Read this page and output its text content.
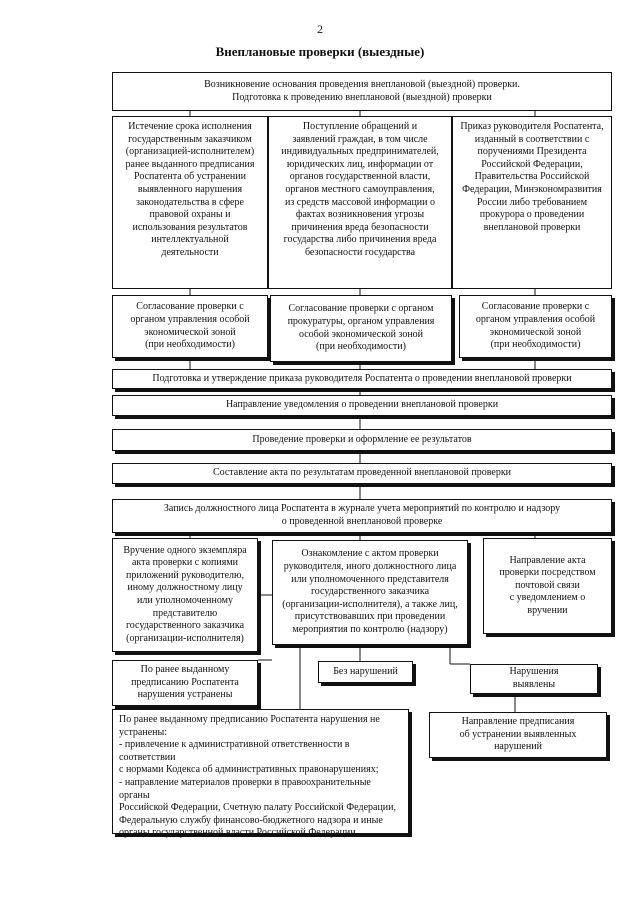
2
Внеплановые проверки (выездные)
Возникновение основания проведения внеплановой (выездной) проверки.
Подготовка к проведению внеплановой (выездной) проверки
Истечение срока исполнения
государственным заказчиком
(организацией-исполнителем)
ранее выданного предписания
Роспатента об устранении
выявленного нарушения
законодательства в сфере
правовой охраны и
использования результатов
интеллектуальной
деятельности
Поступление обращений и
заявлений граждан, в том числе
индивидуальных предпринимателей,
юридических лиц, информации от
органов государственной власти,
органов местного самоуправления,
из средств массовой информации о
фактах возникновения угрозы
причинения вреда безопасности
государства либо причинения вреда
безопасности государства
Приказ руководителя Роспатента,
изданный в соответствии с
поручениями Президента
Российской Федерации,
Правительства Российской
Федерации, Минэкономразвития
России либо требованием
прокурора о проведении
внеплановой проверки
Согласование проверки с
органом управления особой
экономической зоной
(при необходимости)
Согласование проверки с органом
прокуратуры, органом управления
особой экономической зоной
(при необходимости)
Согласование проверки с
органом управления особой
экономической зоной
(при необходимости)
Подготовка и утверждение приказа руководителя Роспатента о проведении внеплановой проверки
Направление уведомления о проведении внеплановой проверки
Проведение проверки и оформление ее результатов
Составление акта по результатам проведенной внеплановой проверки
Запись должностного лица Роспатента в журнале учета мероприятий по контролю и надзору
о проведенной внеплановой проверке
Вручение одного экземпляра
акта проверки с копиями
приложений руководителю,
иному должностному лицу
или уполномоченному
представителю
государственного заказчика
(организации-исполнителя)
Ознакомление с актом проверки
руководителя, иного должностного лица
или уполномоченного представителя
государственного заказчика
(организации-исполнителя), а также лиц,
присутствовавших при проведении
мероприятия по контролю (надзору)
Направление акта
проверки посредством
почтовой связи
с уведомлением о
вручении
По ранее выданному
предписанию Роспатента
нарушения устранены
Без нарушений	Нарушения
выявлены
По ранее выданному предписанию Роспатента нарушения не
устранены:
- привлечение к административной ответственности в соответствии
с нормами Кодекса об административных правонарушениях;
- направление материалов проверки в правоохранительные органы
Российской Федерации, Счетную палату Российской Федерации,
Федеральную службу финансово-бюджетного надзора и иные
органы государственной власти Российской Федерации
Направление предписания
об устранении выявленных
нарушений
